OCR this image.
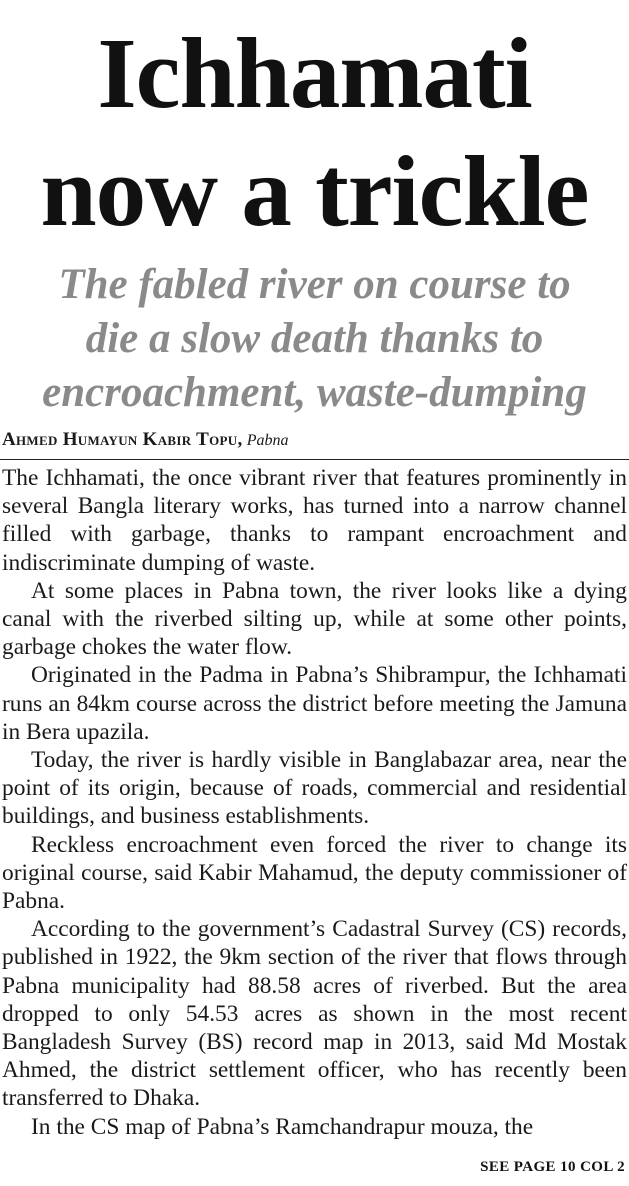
Ichhamati
now a trickle
The fabled river on course to
die a slow death thanks to
encroachment, waste-dumping
Ahmed Humayun Kabir Topu, Pabna

The Ichhamati, the once vibrant river that features prominently in several Bangla literary works, has turned into a narrow channel filled with garbage, thanks to rampant encroachment and indiscriminate dumping of waste.

At some places in Pabna town, the river looks like a dying canal with the riverbed silting up, while at some other points, garbage chokes the water flow.

Originated in the Padma in Pabna’s Shibrampur, the Ichhamati runs an 84km course across the district before meeting the Jamuna in Bera upazila.

Today, the river is hardly visible in Banglabazar area, near the point of its origin, because of roads, commercial and residential buildings, and business establishments.

Reckless encroachment even forced the river to change its original course, said Kabir Mahamud, the deputy commissioner of Pabna.

According to the government’s Cadastral Survey (CS) records, published in 1922, the 9km section of the river that flows through Pabna municipality had 88.58 acres of riverbed. But the area dropped to only 54.53 acres as shown in the most recent Bangladesh Survey (BS) record map in 2013, said Md Mostak Ahmed, the district settlement officer, who has recently been transferred to Dhaka.

In the CS map of Pabna’s Ramchandrapur mouza, the

SEE PAGE 10 COL 2
